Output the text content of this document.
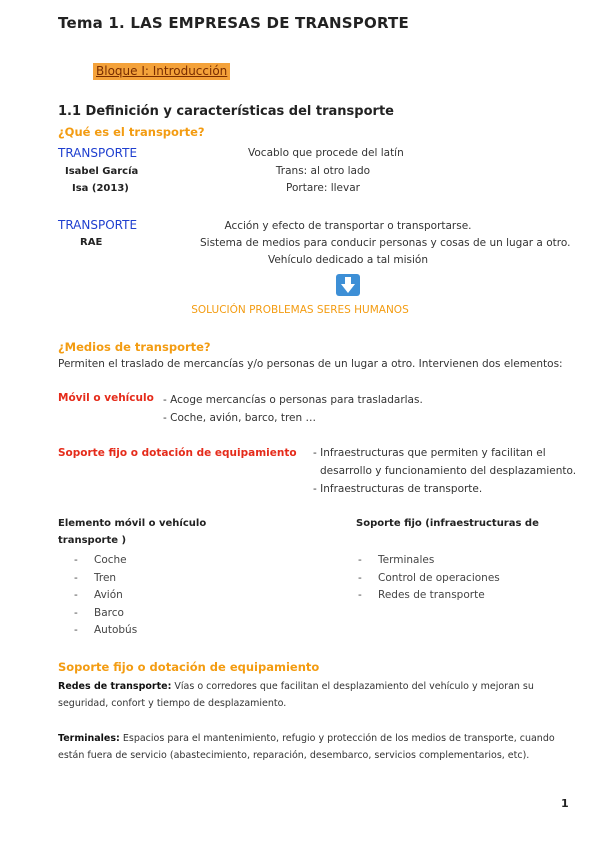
Tema 1. LAS EMPRESAS DE TRANSPORTE
Bloque I: Introducción
1.1 Definición y características del transporte
¿Qué es el transporte?
TRANSPORTE
Isabel García
Isa (2013)
Vocablo que procede del latín
Trans: al otro lado
Portare: llevar
TRANSPORTE
RAE
Acción y efecto de transportar o transportarse.
Sistema de medios para conducir personas y cosas de un lugar a otro.
Vehículo dedicado a tal misión
SOLUCIÓN PROBLEMAS SERES HUMANOS
¿Medios de transporte?
Permiten el traslado de mercancías y/o personas de un lugar a otro. Intervienen dos elementos:
Móvil o vehículo - Acoge mercancías o personas para trasladarlas.
- Coche, avión, barco, tren …
Soporte fijo o dotación de equipamiento - Infraestructuras que permiten y facilitan el
desarrollo y funcionamiento del desplazamiento.
- Infraestructuras de transporte.
Elemento móvil o vehículo
transporte )
- Coche
- Tren
- Avión
- Barco
- Autobús
Soporte fijo (infraestructuras de
- Terminales
- Control de operaciones
- Redes de transporte
Soporte fijo o dotación de equipamiento
Redes de transporte: Vías o corredores que facilitan el desplazamiento del vehículo y mejoran su seguridad, confort y tiempo de desplazamiento.
Terminales: Espacios para el mantenimiento, refugio y protección de los medios de transporte, cuando están fuera de servicio (abastecimiento, reparación, desembarco, servicios complementarios, etc).
1
